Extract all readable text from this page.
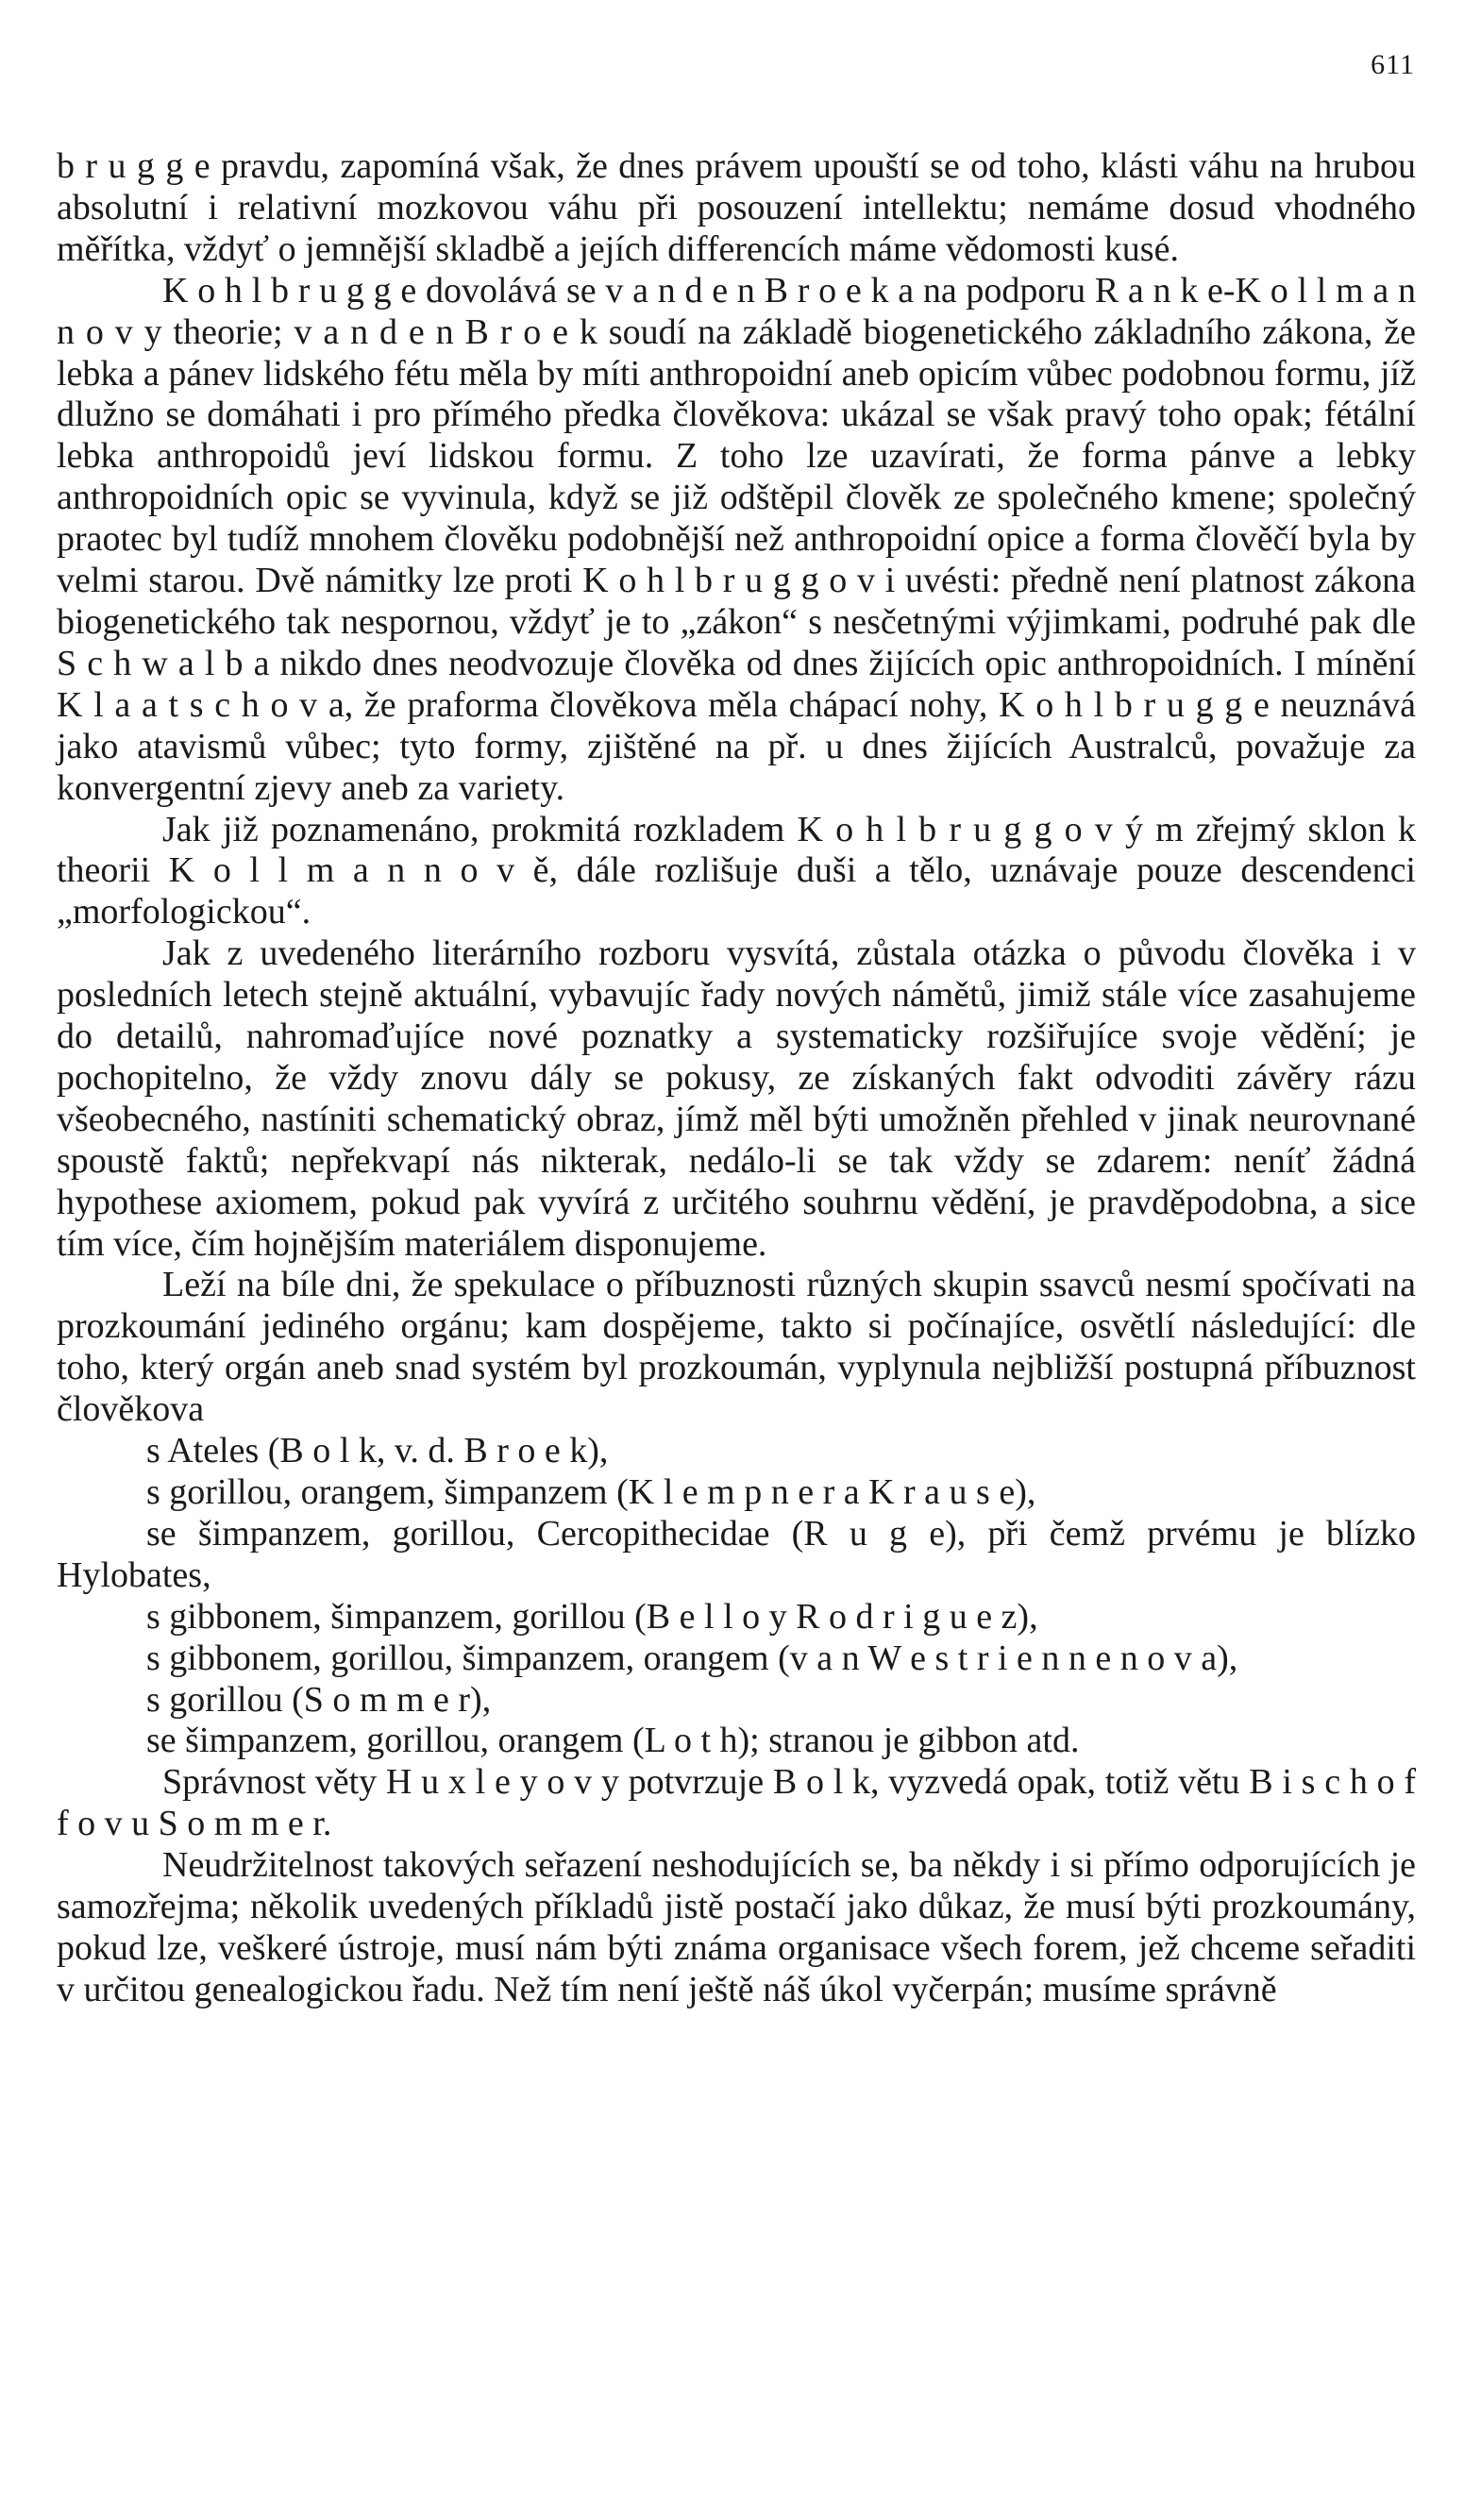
611

b r u g g e pravdu, zapomíná však, že dnes právem upouští se od toho, klásti váhu na hrubou absolutní i relativní mozkovou váhu při posouzení intellektu; nemáme dosud vhodného měřítka, vždyť o jemnější skladbě a jejích differencích máme vědomosti kusé.

K o h l b r u g g e dovolává se v a n d e n B r o e k a na podporu R a n k e-K o l l m a n n o v y theorie; v a n d e n B r o e k soudí na základě biogenetického základního zákona, že lebka a pánev lidského fétu měla by míti anthropoidní aneb opicím vůbec podobnou formu, jíž dlužno se domáhati i pro přímého předka člověkova: ukázal se však pravý toho opak; fétální lebka anthropoidů jeví lidskou formu. Z toho lze uzavírati, že forma pánve a lebky anthropoidních opic se vyvinula, když se již odštěpil člověk ze společného kmene; společný praotec byl tudíž mnohem člověku podobnější než anthropoidní opice a forma člověčí byla by velmi starou. Dvě námitky lze proti K o h l b r u g g o v i uvésti: předně není platnost zákona biogenetického tak nespornou, vždyť je to „zákon“ s nesčetnými výjimkami, podruhé pak dle S c h w a l b a nikdo dnes neodvozuje člověka od dnes žijících opic anthropoidních. I mínění K l a a t s c h o v a, že praforma člověkova měla chápací nohy, K o h l b r u g g e neuznává jako atavismů vůbec; tyto formy, zjištěné na př. u dnes žijících Australců, považuje za konvergentní zjevy aneb za variety.

Jak již poznamenáno, prokmitá rozkladem K o h l b r u g g o v ý m zřejmý sklon k theorii K o l l m a n n o v ě, dále rozlišuje duši a tělo, uznávaje pouze descendenci „morfologickou“.

Jak z uvedeného literárního rozboru vysvítá, zůstala otázka o původu člověka i v posledních letech stejně aktuální, vybavujíc řady nových námětů, jimiž stále více zasahujeme do detailů, nahromaďujíce nové poznatky a systematicky rozšiřujíce svoje vědění; je pochopitelno, že vždy znovu dály se pokusy, ze získaných fakt odvoditi závěry rázu všeobecného, nastíniti schematický obraz, jímž měl býti umožněn přehled v jinak neurovnané spoustě faktů; nepřekvapí nás nikterak, nedálo-li se tak vždy se zdarem: neníť žádná hypothese axiomem, pokud pak vyvírá z určitého souhrnu vědění, je pravděpodobna, a sice tím více, čím hojnějším materiálem disponujeme.

Leží na bíle dni, že spekulace o příbuznosti různých skupin ssavců nesmí spočívati na prozkoumání jediného orgánu; kam dospějeme, takto si počínajíce, osvětlí následující: dle toho, který orgán aneb snad systém byl prozkoumán, vyplynula nejbližší postupná příbuznost člověkova

s Ateles (B o l k, v. d. B r o e k),

s gorillou, orangem, šimpanzem (K l e m p n e r a K r a u s e),

se šimpanzem, gorillou, Cercopithecidae (R u g e), při čemž prvému je blízko Hylobates,

s gibbonem, šimpanzem, gorillou (B e l l o y R o d r i g u e z),

s gibbonem, gorillou, šimpanzem, orangem (v a n W e s t r i e n n e n o v a),

s gorillou (S o m m e r),

se šimpanzem, gorillou, orangem (L o t h); stranou je gibbon atd.

Správnost věty H u x l e y o v y potvrzuje B o l k, vyzvedá opak, totiž větu B i s c h o f f o v u S o m m e r.

Neudržitelnost takových seřazení neshodujících se, ba někdy i si přímo odporujících je samozřejma; několik uvedených příkladů jistě postačí jako důkaz, že musí býti prozkoumány, pokud lze, veškeré ústroje, musí nám býti známa organisace všech forem, jež chceme seřaditi v určitou genealogickou řadu. Než tím není ještě náš úkol vyčerpán; musíme správně
